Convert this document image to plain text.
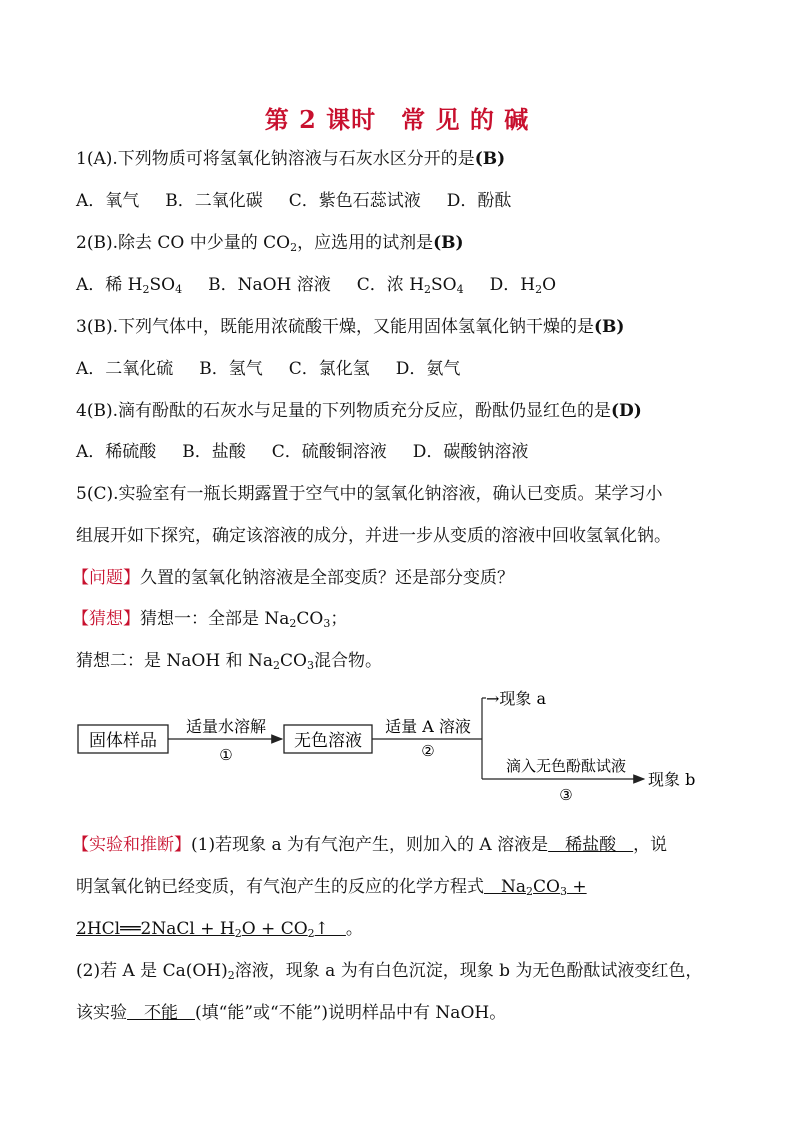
第 2 课时　常 见 的 碱
1(A).下列物质可将氢氧化钠溶液与石灰水区分开的是(B)
A．氧气 B．二氧化碳 C．紫色石蕊试液 D．酚酞
2(B).除去 CO 中少量的 $CO_2$，应选用的试剂是(B)
A．稀 $H_2SO_4$ B．NaOH 溶液 C．浓 $H_2SO_4$ D．$H_2O$
3(B).下列气体中，既能用浓硫酸干燥，又能用固体氢氧化钠干燥的是(B)
A．二氧化硫 B．氢气 C．氯化氢 D．氨气
4(B).滴有酚酞的石灰水与足量的下列物质充分反应，酚酞仍显红色的是(D)
A．稀硫酸 B．盐酸 C．硫酸铜溶液 D．碳酸钠溶液
5(C).实验室有一瓶长期露置于空气中的氢氧化钠溶液，确认已变质。某学习小
组展开如下探究，确定该溶液的成分，并进一步从变质的溶液中回收氢氧化钠。
【问题】久置的氢氧化钠溶液是全部变质？还是部分变质？
【猜想】猜想一：全部是 $Na_2CO_3$；
猜想二：是 NaOH 和 $Na_2CO_3$混合物。
固体样品
适量水溶解
①
无色溶液
适量 A 溶液
②
→现象 a
滴入无色酚酞试液
③
现象 b
【实验和推断】(1)若现象 a 为有气泡产生，则加入的 A 溶液是　稀盐酸　，说
明氢氧化钠已经变质，有气泡产生的反应的化学方程式　$Na_2CO_3$ +
2HCl══2NaCl + $H_2O$ + $CO_2↑$　。
(2)若 A 是 $Ca(OH)_2$溶液，现象 a 为有白色沉淀，现象 b 为无色酚酞试液变红色，
该实验　不能　(填“能”或“不能”)说明样品中有 NaOH。
